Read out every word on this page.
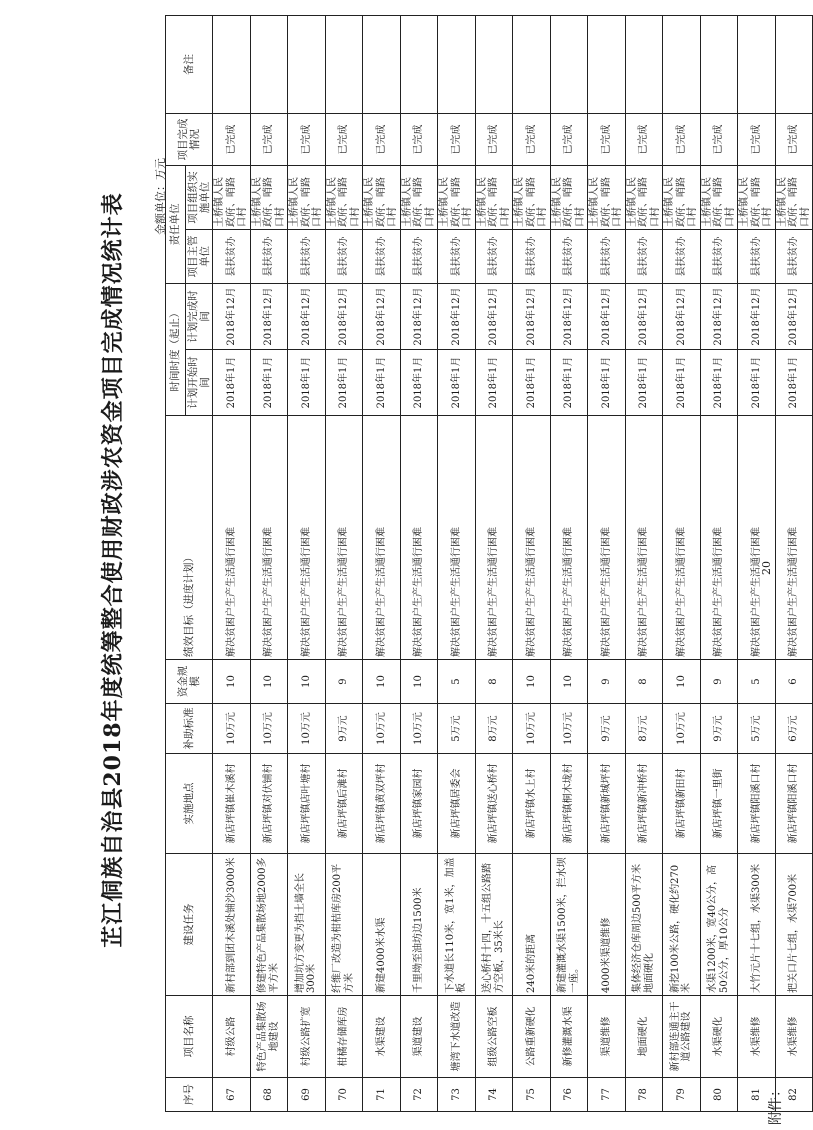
附件：
芷江侗族自治县2018年度统筹整合使用财政涉农资金项目完成情况统计表	金额单位：万元
序号	项目名称	建设任务	实施地点	补助标准	资金规模	绩效目标（进度计划）	时间时度（起止）		责任单位		项目完成情况	备注
							计划开始时间	计划完成时间	项目主管单位	项目组织实施单位		
67	村级公路	新村部到团木溪处铺沙3000米	新店坪镇崔木溪村	10万元	10	解决贫困户生产生活通行困难	2018年1月	2018年12月	县扶贫办	土桥镇人民政府、哨路口村	已完成	
68	特色产品集散场地建设	修建特色产品集散场地2000多平方米	新店坪镇对伏铺村	10万元	10	解决贫困户生产生活通行困难	2018年1月	2018年12月	县扶贫办	土桥镇人民政府、哨路口村	已完成	
69	村级公路扩宽	增加坑方变更为挡土墙全长300米	新店坪镇店叶塘村	10万元	10	解决贫困户生产生活通行困难	2018年1月	2018年12月	县扶贫办	土桥镇人民政府、哨路口村	已完成	
70	柑橘存储库房	纤维厂改造为柑桔库房200平方米	新店坪镇后滩村	9万元	9	解决贫困户生产生活通行困难	2018年1月	2018年12月	县扶贫办	土桥镇人民政府、哨路口村	已完成	
71	水渠建设	新建4000米水渠	新店坪镇黄双坪村	10万元	10	解决贫困户生产生活通行困难	2018年1月	2018年12月	县扶贫办	土桥镇人民政府、哨路口村	已完成	
72	渠道建设	千里坳至油坊边1500米	新店坪镇家园村	10万元	10	解决贫困户生产生活通行困难	2018年1月	2018年12月	县扶贫办	土桥镇人民政府、哨路口村	已完成	
73	塘湾下水道改造	下水道长110米，宽1米，加盖板	新店坪镇居委会	5万元	5	解决贫困户生产生活通行困难	2018年1月	2018年12月	县扶贫办	土桥镇人民政府、哨路口村	已完成	
74	组级公路空板	送心桥村十四，十五组公路踏方空板，35米长	新店坪镇送心桥村	8万元	8	解决贫困户生产生活通行困难	2018年1月	2018年12月	县扶贫办	土桥镇人民政府、哨路口村	已完成	
75	公路重新硬化	240米的距离	新店坪镇水上村	10万元	10	解决贫困户生产生活通行困难	2018年1月	2018年12月	县扶贫办	土桥镇人民政府、哨路口村	已完成	
76	新修灌溉水渠	新建灌溉水渠1500米，拦水坝一座。	新店坪镇桐木垅村	10万元	10	解决贫困户生产生活通行困难	2018年1月	2018年12月	县扶贫办	土桥镇人民政府、哨路口村	已完成	
77	渠道维修	4000米渠道维修	新店坪镇新城坪村	9万元	9	解决贫困户生产生活通行困难	2018年1月	2018年12月	县扶贫办	土桥镇人民政府、哨路口村	已完成	
78	地面硬化	集体经济仓库周边500平方米地面硬化	新店坪镇新冲桥村	8万元	8	解决贫困户生产生活通行困难	2018年1月	2018年12月	县扶贫办	土桥镇人民政府、哨路口村	已完成	
79	新村部连通主干道公路建设	新挖100米公路，硬化约270米	新店坪镇新田村	10万元	10	解决贫困户生产生活通行困难	2018年1月	2018年12月	县扶贫办	土桥镇人民政府、哨路口村	已完成	
80	水渠硬化	水渠1200米，宽40公分，高50公分，厚10公分	新店坪镇一里街	9万元	9	解决贫困户生产生活通行困难	2018年1月	2018年12月	县扶贫办	土桥镇人民政府、哨路口村	已完成	
81	水渠维修	大竹元片十七组，水渠300米	新店坪镇阳溪口村	5万元	5	解决贫困户生产生活通行困难	2018年1月	2018年12月	县扶贫办	土桥镇人民政府、哨路口村	已完成	
82	水渠维修	把关口片七组，水渠700米	新店坪镇阳溪口村	6万元	6	解决贫困户生产生活通行困难	2018年1月	2018年12月	县扶贫办	土桥镇人民政府、哨路口村	已完成	
20
